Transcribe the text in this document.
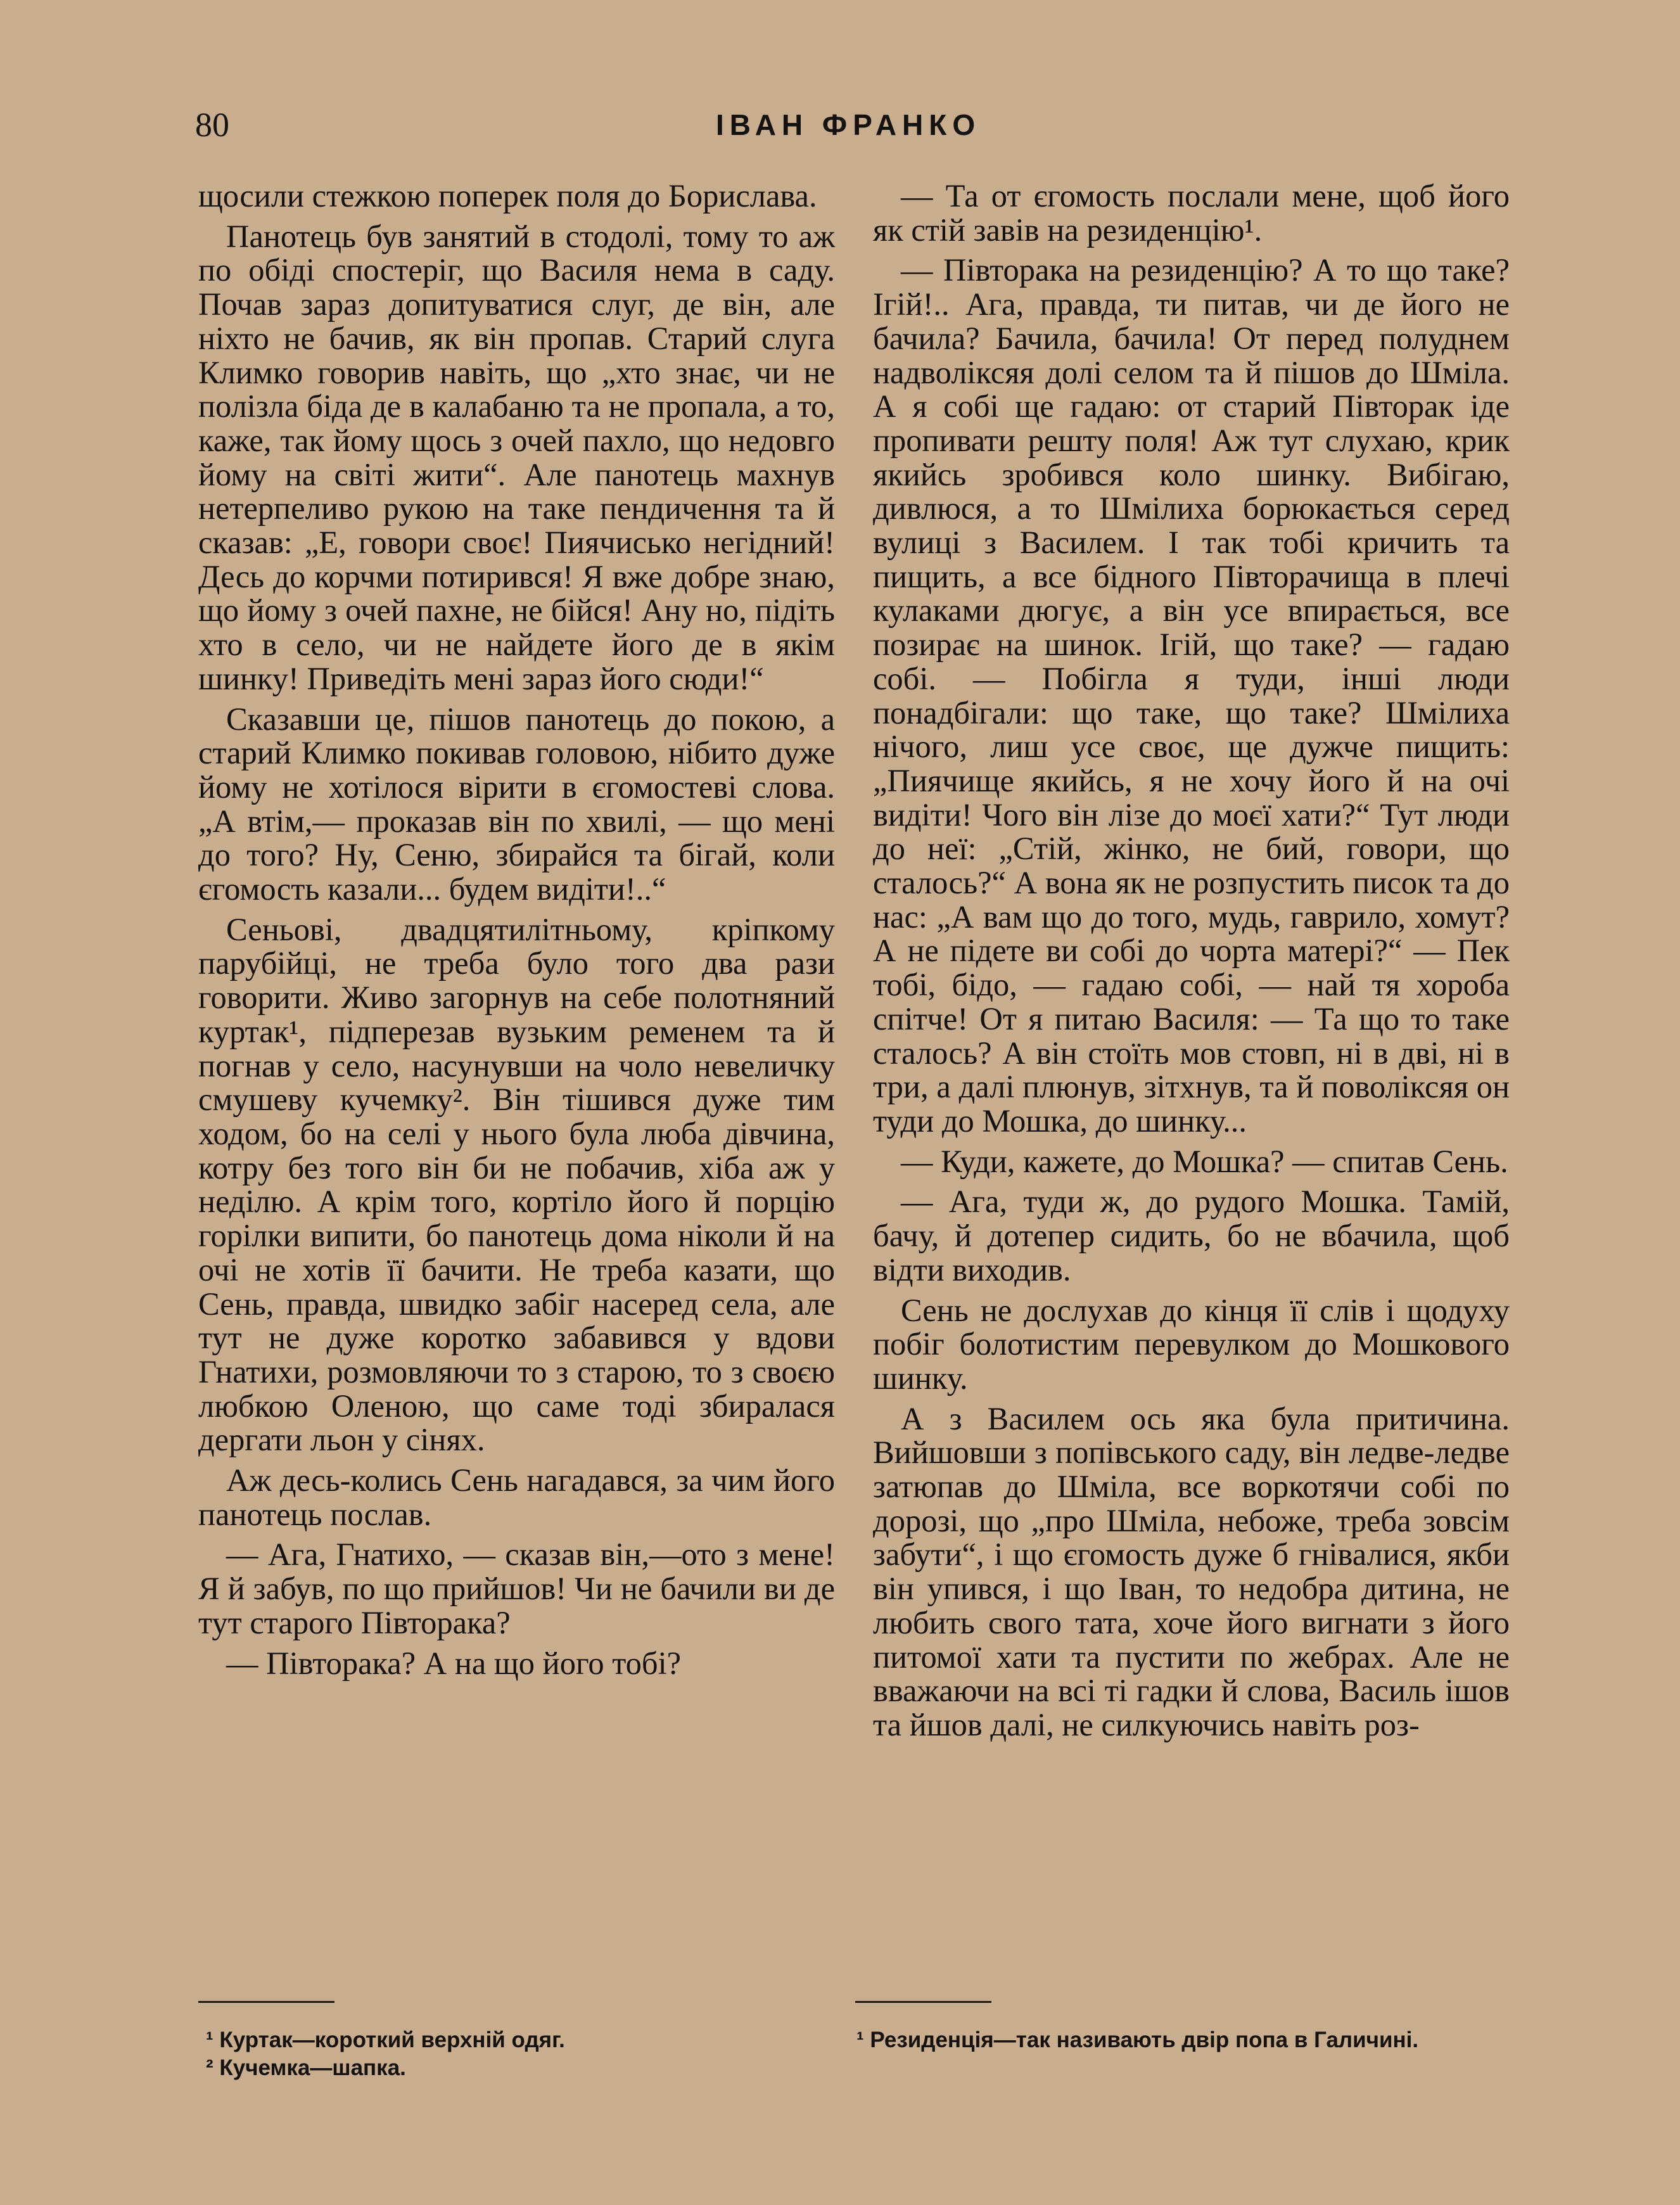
80	ІВАН ФРАНКО

щосили стежкою поперек поля до Борислава.

Панотець був занятий в стодолі, тому то аж по обіді спостеріг, що Василя нема в саду. Почав зараз допитуватися слуг, де він, але ніхто не бачив, як він пропав. Старий слуга Климко говорив навіть, що „хто знає, чи не полізла біда де в калабаню та не пропала, а то, каже, так йому щось з очей пахло, що недовго йому на світі жити“. Але панотець махнув нетерпеливо рукою на таке пендичення та й сказав: „Е, говори своє! Пиячисько негідний! Десь до корчми потирився! Я вже добре знаю, що йому з очей пахне, не бійся! Ану но, підіть хто в село, чи не найдете його де в якім шинку! Приведіть мені зараз його сюди!“

Сказавши це, пішов панотець до покою, а старий Климко покивав головою, нібито дуже йому не хотілося вірити в єгомостеві слова. „А втім,— проказав він по хвилі, — що мені до того? Ну, Сеню, збирайся та бігай, коли єгомость казали... будем видіти!..“

Сеньові, двадцятилітньому, кріпкому парубійці, не треба було того два рази говорити. Живо загорнув на себе полотняний куртак¹, підперезав вузьким ременем та й погнав у село, насунувши на чоло невеличку смушеву кучемку². Він тішився дуже тим ходом, бо на селі у нього була люба дівчина, котру без того він би не побачив, хіба аж у неділю. А крім того, кортіло його й порцію горілки випити, бо панотець дома ніколи й на очі не хотів її бачити. Не треба казати, що Сень, правда, швидко забіг насеред села, але тут не дуже коротко забавився у вдови Гнатихи, розмовляючи то з старою, то з своєю любкою Оленою, що саме тоді збиралася дергати льон у сінях.

Аж десь-колись Сень нагадався, за чим його панотець послав.

— Ага, Гнатихо, — сказав він,—ото з мене! Я й забув, по що прийшов! Чи не бачили ви де тут старого Півторака?

— Півторака? А на що його тобі?

— Та от єгомость послали мене, щоб його як стій завів на резиденцію¹.

— Півторака на резиденцію? А то що таке? Ігій!.. Ага, правда, ти питав, чи де його не бачила? Бачила, бачила! От перед полуднем надволіксяя долі селом та й пішов до Шміла. А я собі ще гадаю: от старий Півторак іде пропивати решту поля! Аж тут слухаю, крик якийсь зробився коло шинку. Вибігаю, дивлюся, а то Шмілиха борюкається серед вулиці з Василем. І так тобі кричить та пищить, а все бідного Півторачища в плечі кулаками дюгує, а він усе впирається, все позирає на шинок. Ігій, що таке? — гадаю собі. — Побігла я туди, інші люди понадбігали: що таке, що таке? Шмілиха нічого, лиш усе своє, ще дужче пищить: „Пиячище якийсь, я не хочу його й на очі видіти! Чого він лізе до моєї хати?“ Тут люди до неї: „Стій, жінко, не бий, говори, що сталось?“ А вона як не розпустить писок та до нас: „А вам що до того, мудь, гаврило, хомут? А не підете ви собі до чорта матері?“ — Пек тобі, бідо, — гадаю собі, — най тя хороба спітче! От я питаю Василя: — Та що то таке сталось? А він стоїть мов стовп, ні в дві, ні в три, а далі плюнув, зітхнув, та й поволіксяя он туди до Мошка, до шинку...

— Куди, кажете, до Мошка? — спитав Сень.

— Ага, туди ж, до рудого Мошка. Тамій, бачу, й дотепер сидить, бо не вбачила, щоб відти виходив.

Сень не дослухав до кінця її слів і щодуху побіг болотистим перевулком до Мошкового шинку.

А з Василем ось яка була притичина. Вийшовши з попівського саду, він ледве-ледве затюпав до Шміла, все воркотячи собі по дорозі, що „про Шміла, небоже, треба зовсім забути“, і що єгомость дуже б гнівалися, якби він упився, і що Іван, то недобра дитина, не любить свого тата, хоче його вигнати з його питомої хати та пустити по жебрах. Але не вважаючи на всі ті гадки й слова, Василь ішов та йшов далі, не силкуючись навіть роз-

¹ Куртак—короткий верхній одяг.
² Кучемка—шапка.
¹ Резиденція—так називають двір попа в Галичині.
